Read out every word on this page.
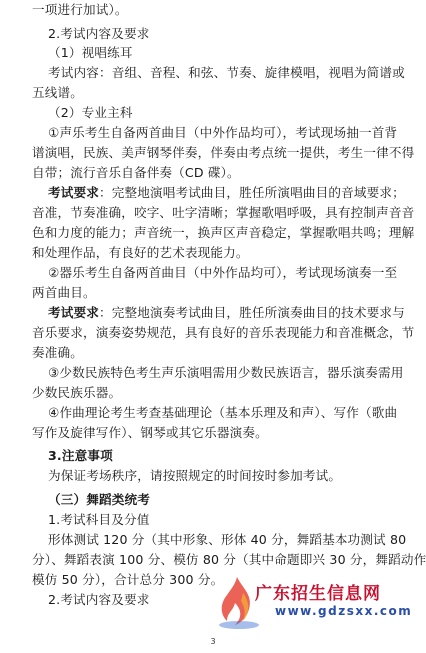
一项进行加试）。
2.考试内容及要求
（1）视唱练耳
考试内容：音组、音程、和弦、节奏、旋律模唱，视唱为简谱或
五线谱。
（2）专业主科
①声乐考生自备两首曲目（中外作品均可），考试现场抽一首背
谱演唱，民族、美声钢琴伴奏，伴奏由考点统一提供，考生一律不得
自带；流行音乐自备伴奏（CD 碟）。
考试要求：完整地演唱考试曲目，胜任所演唱曲目的音域要求；
音准，节奏准确，咬字、吐字清晰；掌握歌唱呼吸，具有控制声音音
色和力度的能力；声音统一，换声区声音稳定，掌握歌唱共鸣；理解
和处理作品，有良好的艺术表现能力。
②器乐考生自备两首曲目（中外作品均可），考试现场演奏一至
两首曲目。
考试要求：完整地演奏考试曲目，胜任所演奏曲目的技术要求与
音乐要求，演奏姿势规范，具有良好的音乐表现能力和音准概念，节
奏准确。
③少数民族特色考生声乐演唱需用少数民族语言，器乐演奏需用
少数民族乐器。
④作曲理论考生考查基础理论（基本乐理及和声）、写作（歌曲
写作及旋律写作）、钢琴或其它乐器演奏。
3.注意事项
为保证考场秩序，请按照规定的时间按时参加考试。
（三）舞蹈类统考
1.考试科目及分值
形体测试 120 分（其中形象、形体 40 分，舞蹈基本功测试 80
分）、舞蹈表演 100 分、模仿 80 分（其中命题即兴 30 分，舞蹈动作
模仿 50 分），合计总分 300 分。
2.考试内容及要求
3
广东招生信息网
www.gdzsxx.com
